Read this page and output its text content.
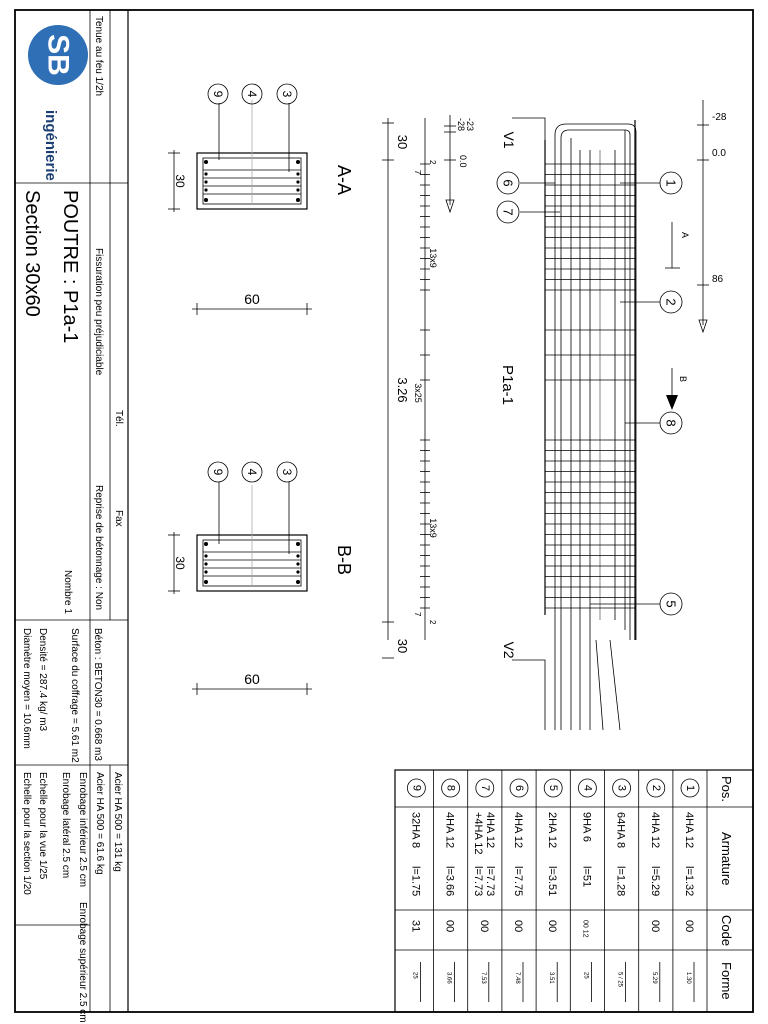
SB
ingénierie
Tenue au feu 1/2h
Fissuration peu préjudiciable
Tél.
Fax
Reprise de bétonnage : Non
Nombre 1
POUTRE : P1a-1
Section 30x60
Béton : BETON30 = 0.668 m3
Surface du coffrage = 5.61 m2
Densité = 287.4 kg/ m3
Diamètre moyen = 10.6mm
Acier HA 500 = 131 kg
Acier HA 500 = 61.6 kg
Enrobage inférieur 2.5 cm
Enrobage supérieur 2.5 cm
Enrobage latéral 2.5 cm
Echelle pour la vue 1/25
Echelle pour la section 1/20
9 4 3
30
60
A-A
9 4 3
30
60
B-B
30
3.26
30
13x9
3x25
13x9
7
2
7
2
-28 -23
0.0
V1
V2
P1a-1
1
6
7
2
8
5
A
B
-28
0.0
86
Pos.
Armature
Code
Forme
1
4HA 12
l=1.32
00
1.30
2
4HA 12
l=5.29
00
5.29
3
64HA 8
l=1.28
5 / 25
4
9HA 6
l=51
00 12
25
5
2HA 12
l=3.51
00
3.51
6
4HA 12
l=7.75
00
7.48
7
4HA 12
l=7.73
+4HA 12
l=7.73
00
7.53
8
4HA 12
l=3.66
00
3.66
9
32HA 8
l=1.75
31
25
